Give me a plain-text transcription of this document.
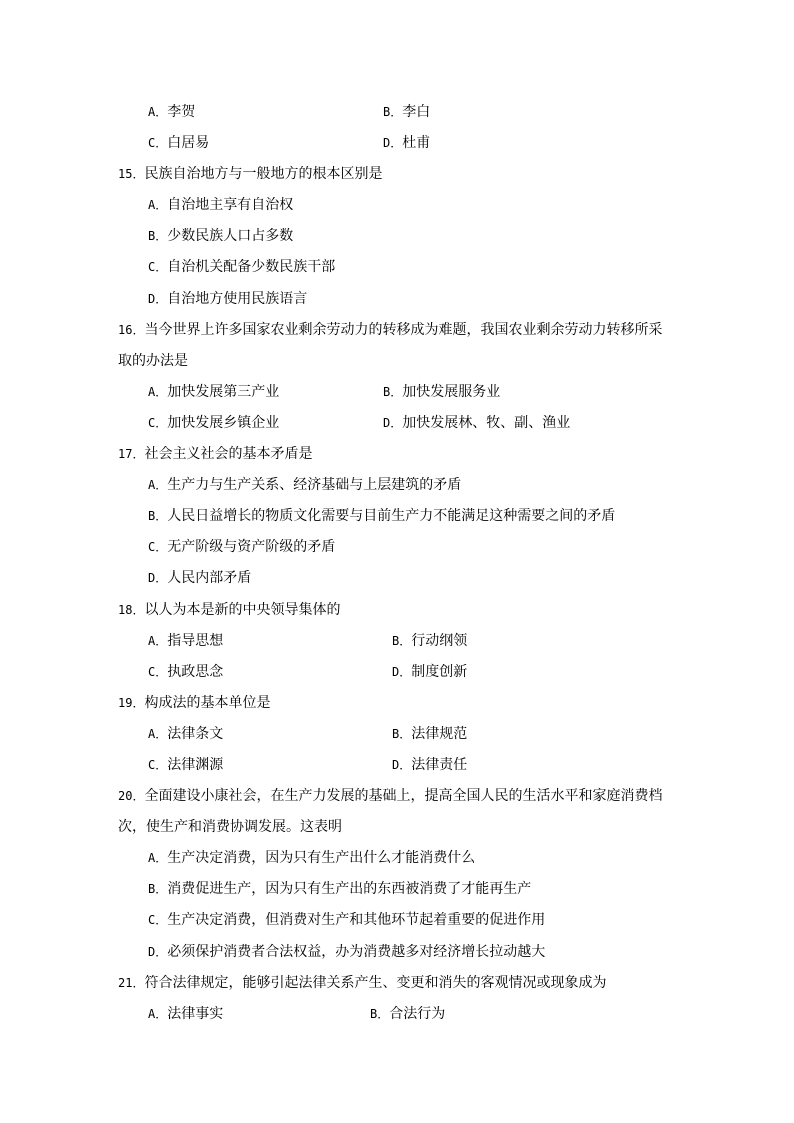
A．李贺	B．李白
C．白居易	D．杜甫
15．民族自治地方与一般地方的根本区别是
A．自治地主享有自治权
B．少数民族人口占多数
C．自治机关配备少数民族干部
D．自治地方使用民族语言
16．当今世界上许多国家农业剩余劳动力的转移成为难题，我国农业剩余劳动力转移所采
取的办法是
A．加快发展第三产业	B．加快发展服务业
C．加快发展乡镇企业	D．加快发展林、牧、副、渔业
17．社会主义社会的基本矛盾是
A．生产力与生产关系、经济基础与上层建筑的矛盾
B．人民日益增长的物质文化需要与目前生产力不能满足这种需要之间的矛盾
C．无产阶级与资产阶级的矛盾
D．人民内部矛盾
18．以人为本是新的中央领导集体的
A．指导思想	B．行动纲领
C．执政思念	D．制度创新
19．构成法的基本单位是
A．法律条文	B．法律规范
C．法律渊源	D．法律责任
20．全面建设小康社会，在生产力发展的基础上，提高全国人民的生活水平和家庭消费档
次，使生产和消费协调发展。这表明
A．生产决定消费，因为只有生产出什么才能消费什么
B．消费促进生产，因为只有生产出的东西被消费了才能再生产
C．生产决定消费，但消费对生产和其他环节起着重要的促进作用
D．必须保护消费者合法权益，办为消费越多对经济增长拉动越大
21．符合法律规定，能够引起法律关系产生、变更和消失的客观情况或现象成为
A．法律事实	B．合法行为
